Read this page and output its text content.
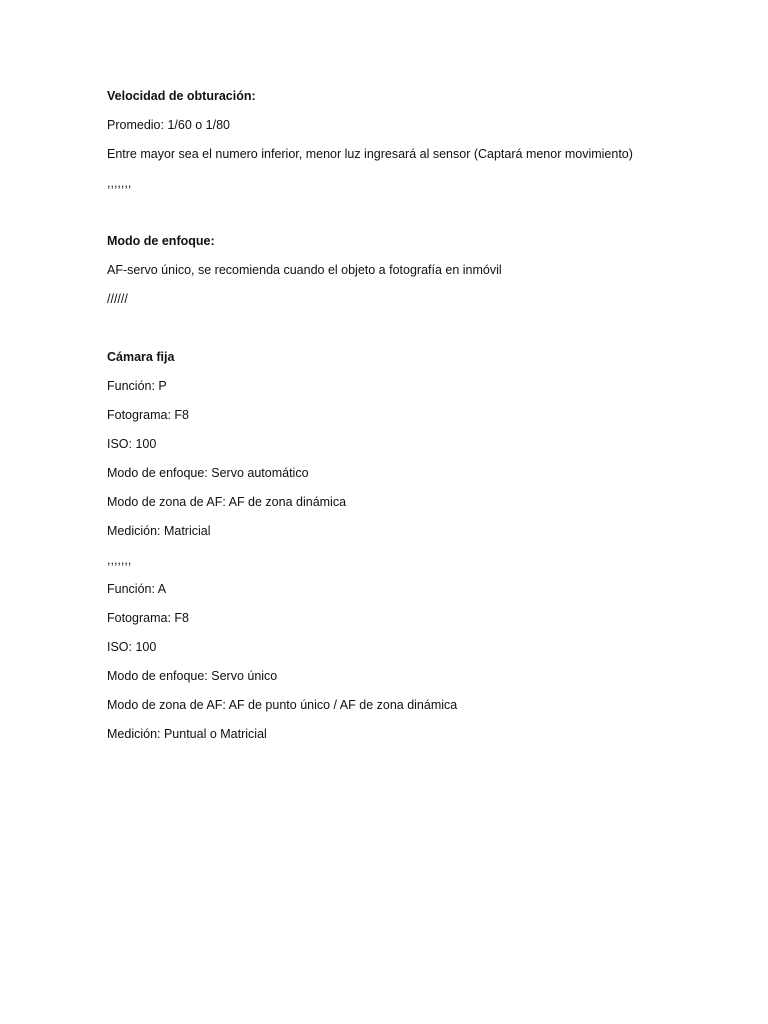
Velocidad de obturación:
Promedio: 1/60 o 1/80
Entre mayor sea el numero inferior, menor luz ingresará al sensor (Captará menor movimiento)
,,,,,,,
Modo de enfoque:
AF-servo único, se recomienda cuando el objeto a fotografía en inmóvil
//////
Cámara fija
Función: P
Fotograma: F8
ISO: 100
Modo de enfoque: Servo automático
Modo de zona de AF: AF de zona dinámica
Medición: Matricial
,,,,,,,
Función: A
Fotograma: F8
ISO: 100
Modo de enfoque: Servo único
Modo de zona de AF: AF de punto único / AF de zona dinámica
Medición: Puntual o Matricial
